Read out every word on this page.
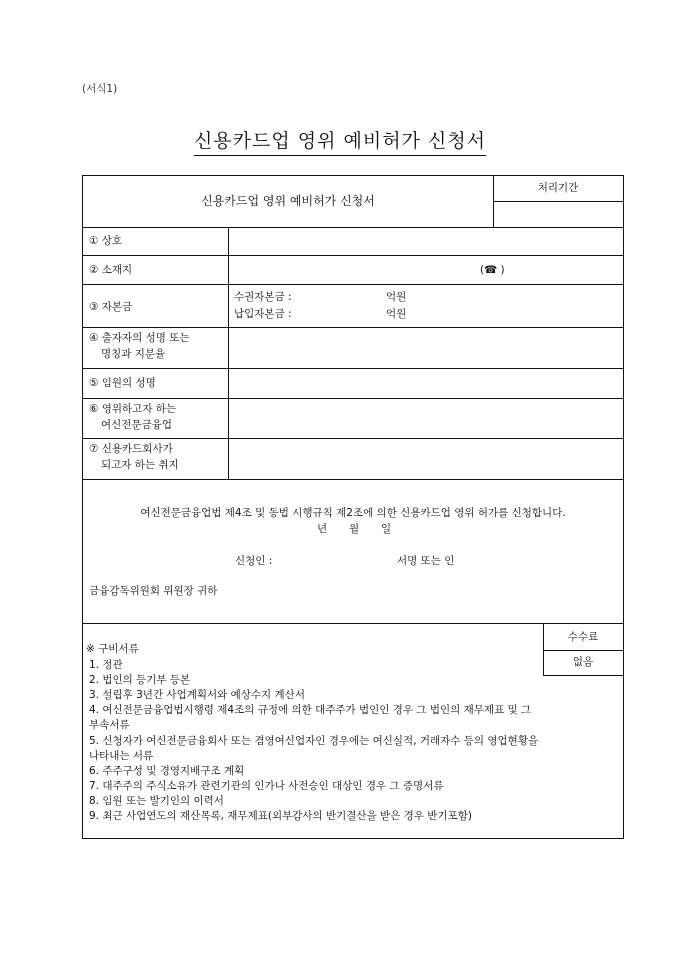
(서식1)
신용카드업 영위 예비허가 신청서
신용카드업 영위 예비허가 신청서
처리기간
① 상호
② 소재지	(☎ )
③ 자본금
수권자본금 :	억원
납입자본금 :	억원
④ 출자자의 성명 또는
명칭과 지분율
⑤ 임원의 성명
⑥ 영위하고자 하는
여신전문금융업
⑦ 신용카드회사가
되고자 하는 취지
여신전문금융업법 제4조 및 동법 시행규칙 제2조에 의한 신용카드업 영위 허가를 신청합니다.
년 월 일
신청인 :	서명 또는 인
금융감독위원회 위원장 귀하
수수료
없음
※ 구비서류
1. 정관
2. 법인의 등기부 등본
3. 설립후 3년간 사업계획서와 예상수지 계산서
4. 여신전문금융업법시행령 제4조의 규정에 의한 대주주가 법인인 경우 그 법인의 재무제표 및 그
부속서류
5. 신청자가 여신전문금융회사 또는 겸영여신업자인 경우에는 여신실적, 거래자수 등의 영업현황을
나타내는 서류
6. 주주구성 및 경영지배구조 계획
7. 대주주의 주식소유가 관련기관의 인가나 사전승인 대상인 경우 그 증명서류
8. 임원 또는 발기인의 이력서
9. 최근 사업연도의 재산목록, 재무제표(외부감사의 반기결산을 받은 경우 반기포함)
